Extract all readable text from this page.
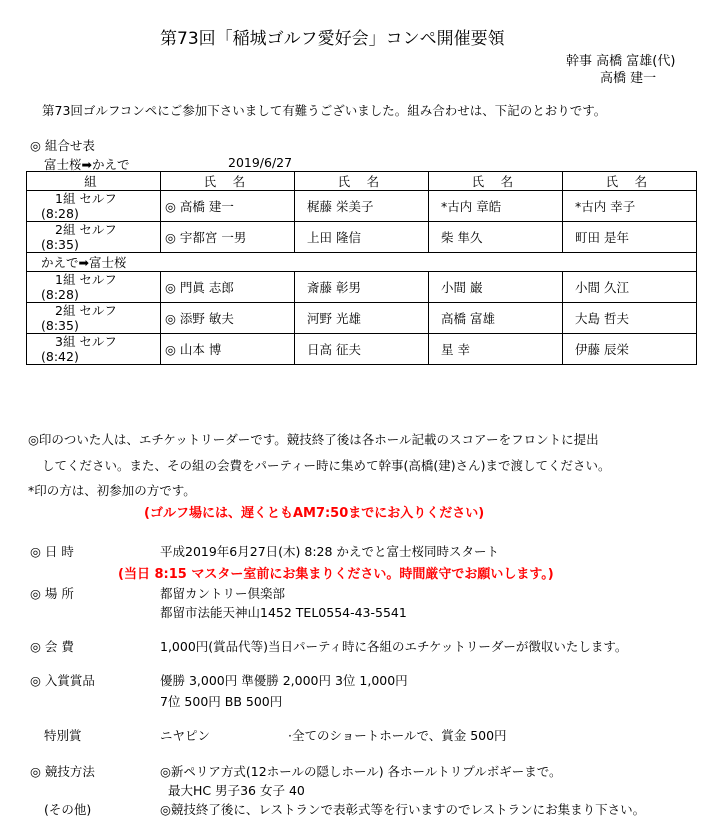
第73回「稲城ゴルフ愛好会」コンペ開催要領
幹事 高橋 富雄(代)
高橋 建一
第73回ゴルフコンペにご参加下さいまして有難うございました。組み合わせは、下記のとおりです。
◎ 組合せ表
富士桜➡かえで	2019/6/27
組	氏 名	氏 名	氏 名	氏 名

1組 セルフ
(8:28)	◎ 高橋 建一	梶藤 栄美子	*古内 章皓	*古内 幸子

2組 セルフ
(8:35)	◎ 宇都宮 一男	上田 隆信	柴 隼久	町田 是年
かえで➡富士桜				

1組 セルフ
(8:28)	◎ 門眞 志郎	斎藤 彰男	小間 巌	小間 久江

2組 セルフ
(8:35)	◎ 添野 敏夫	河野 光雄	高橋 富雄	大島 哲夫

3組 セルフ
(8:42)	◎ 山本 博	日高 征夫	星 幸	伊藤 辰栄
◎印のついた人は、エチケットリーダーです。競技終了後は各ホール記載のスコアーをフロントに提出
してください。また、その組の会費をパーティー時に集めて幹事(高橋(建)さん)まで渡してください。
*印の方は、初参加の方です。
(ゴルフ場には、遅くともAM7:50までにお入りください)
◎ 日 時	平成2019年6月27日(木) 8:28 かえでと富士桜同時スタート
(当日 8:15 マスター室前にお集まりください。時間厳守でお願いします。)
◎ 場 所	都留カントリー倶楽部
都留市法能天神山1452 TEL0554-43-5541
◎ 会 費	1,000円(賞品代等)当日パーティ時に各組のエチケットリーダーが徴収いたします。
◎ 入賞賞品	優勝 3,000円 準優勝 2,000円 3位 1,000円
7位 500円 BB 500円
特別賞	ニヤピン	·全てのショートホールで、賞金 500円
◎ 競技方法	◎新ペリア方式(12ホールの隠しホール) 各ホールトリプルボギーまで。
最大HC 男子36 女子 40
(その他)	◎競技終了後に、レストランで表彰式等を行いますのでレストランにお集まり下さい。
